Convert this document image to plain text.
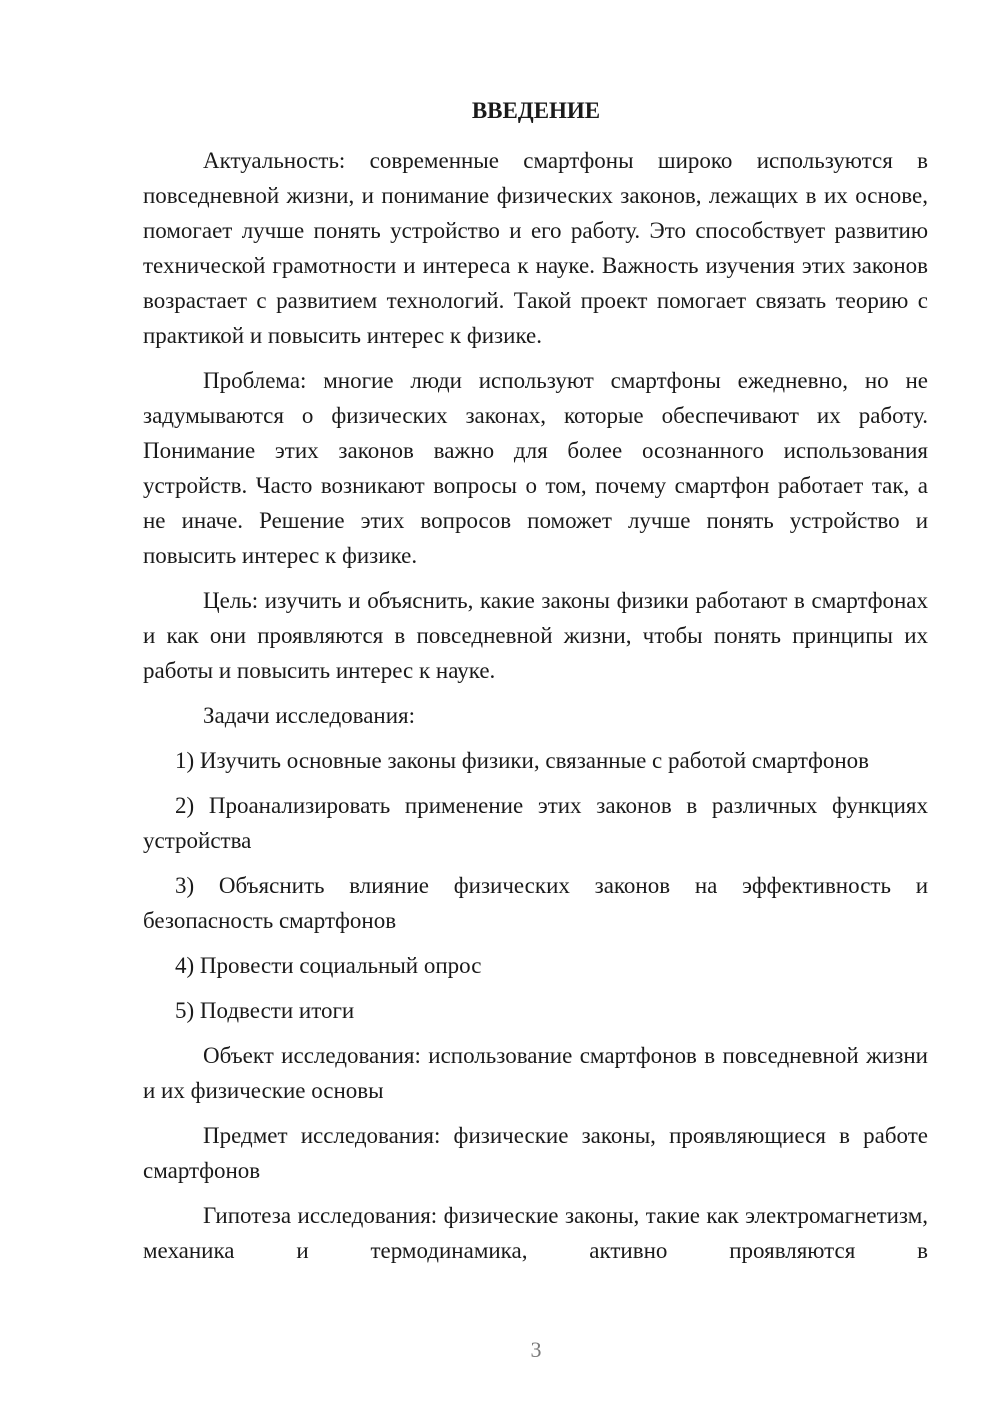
ВВЕДЕНИЕ

Актуальность: современные смартфоны широко используются в повседневной жизни, и понимание физических законов, лежащих в их основе, помогает лучше понять устройство и его работу. Это способствует развитию технической грамотности и интереса к науке. Важность изучения этих законов возрастает с развитием технологий. Такой проект помогает связать теорию с практикой и повысить интерес к физике.

Проблема: многие люди используют смартфоны ежедневно, но не задумываются о физических законах, которые обеспечивают их работу. Понимание этих законов важно для более осознанного использования устройств. Часто возникают вопросы о том, почему смартфон работает так, а не иначе. Решение этих вопросов поможет лучше понять устройство и повысить интерес к физике.

Цель: изучить и объяснить, какие законы физики работают в смартфонах и как они проявляются в повседневной жизни, чтобы понять принципы их работы и повысить интерес к науке.

Задачи исследования:

1) Изучить основные законы физики, связанные с работой смартфонов

2) Проанализировать применение этих законов в различных функциях устройства

3) Объяснить влияние физических законов на эффективность и безопасность смартфонов

4) Провести социальный опрос

5) Подвести итоги

Объект исследования: использование смартфонов в повседневной жизни и их физические основы

Предмет исследования: физические законы, проявляющиеся в работе смартфонов

Гипотеза исследования: физические законы, такие как электромагнетизм, механика и термодинамика, активно проявляются в

3
